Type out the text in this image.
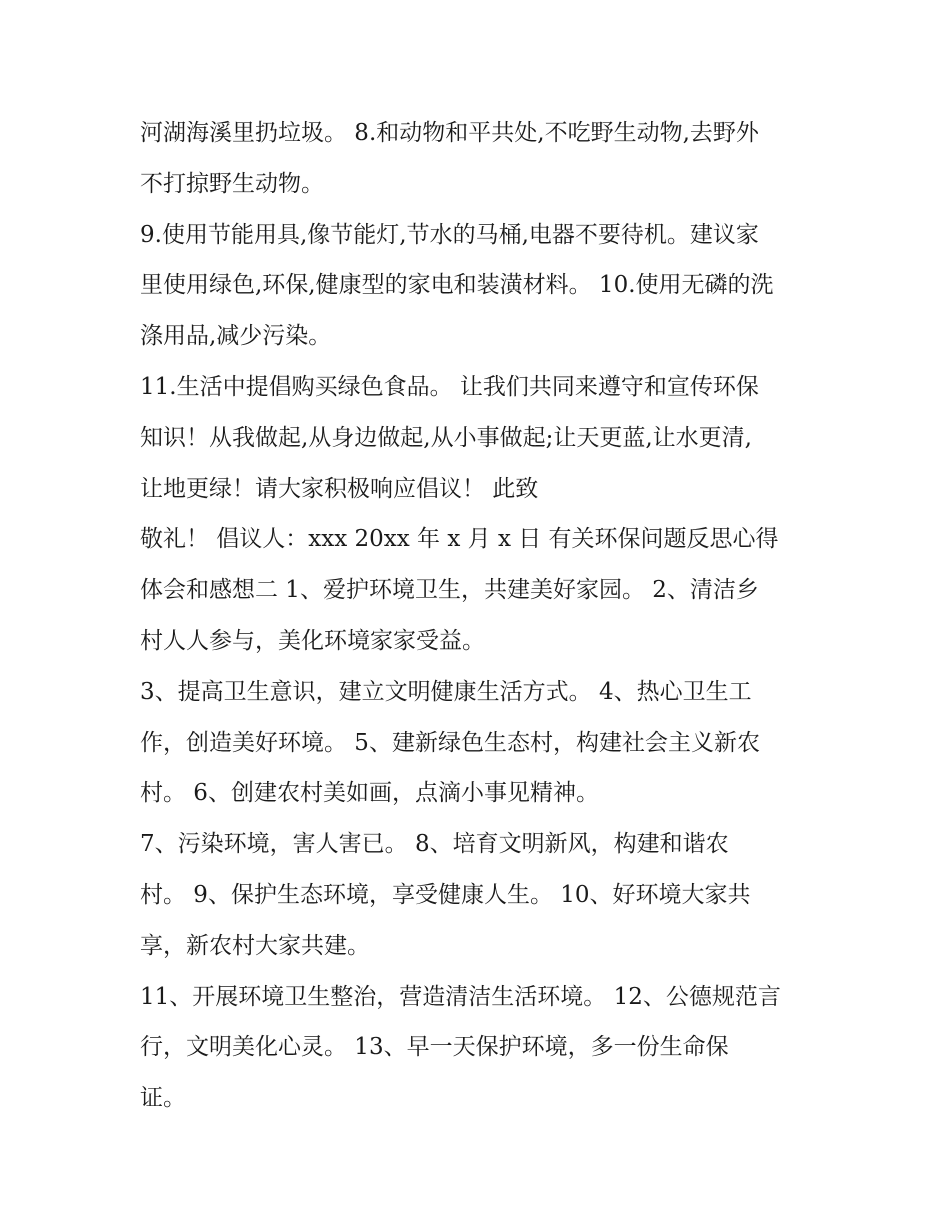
河湖海溪里扔垃圾。 8.和动物和平共处,不吃野生动物,去野外

不打掠野生动物。

9.使用节能用具,像节能灯,节水的马桶,电器不要待机。建议家

里使用绿色,环保,健康型的家电和装潢材料。 10.使用无磷的洗

涤用品,减少污染。

11.生活中提倡购买绿色食品。 让我们共同来遵守和宣传环保

知识！从我做起,从身边做起,从小事做起;让天更蓝,让水更清,

让地更绿！请大家积极响应倡议！ 此致

敬礼！ 倡议人：xxx 20xx 年 x 月 x 日 有关环保问题反思心得

体会和感想二 1、爱护环境卫生，共建美好家园。 2、清洁乡

村人人参与，美化环境家家受益。

3、提高卫生意识，建立文明健康生活方式。 4、热心卫生工

作，创造美好环境。 5、建新绿色生态村，构建社会主义新农

村。 6、创建农村美如画，点滴小事见精神。

7、污染环境，害人害已。 8、培育文明新风，构建和谐农

村。 9、保护生态环境，享受健康人生。 10、好环境大家共

享，新农村大家共建。

11、开展环境卫生整治，营造清洁生活环境。 12、公德规范言

行，文明美化心灵。 13、早一天保护环境，多一份生命保

证。
